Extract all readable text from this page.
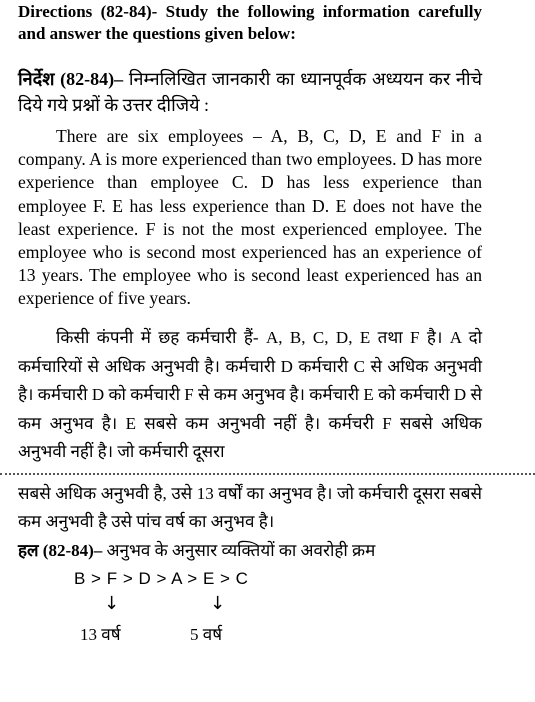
Directions (82-84)- Study the following information carefully and answer the questions given below:
निर्देश (82-84)– निम्नलिखित जानकारी का ध्यानपूर्वक अध्ययन कर नीचे दिये गये प्रश्नों के उत्तर दीजिये :
There are six employees – A, B, C, D, E and F in a company. A is more experienced than two employees. D has more experience than employee C. D has less experience than employee F. E has less experience than D. E does not have the least experience. F is not the most experienced employee. The employee who is second most experienced has an experience of 13 years. The employee who is second least experienced has an experience of five years.
किसी कंपनी में छह कर्मचारी हैं- A, B, C, D, E तथा F है। A दो कर्मचारियों से अधिक अनुभवी है। कर्मचारी D कर्मचारी C से अधिक अनुभवी है। कर्मचारी D को कर्मचारी F से कम अनुभव है। कर्मचारी E को कर्मचारी D से कम अनुभव है। E सबसे कम अनुभवी नहीं है। कर्मचरी F सबसे अधिक अनुभवी नहीं है। जो कर्मचारी दूसरा
सबसे अधिक अनुभवी है, उसे 13 वर्षों का अनुभव है। जो कर्मचारी दूसरा सबसे कम अनुभवी है उसे पांच वर्ष का अनुभव है।
हल (82-84)– अनुभव के अनुसार व्यक्तियों का अवरोही क्रम
B > F > D > A > E > C
↓	↓
13 वर्ष	5 वर्ष
